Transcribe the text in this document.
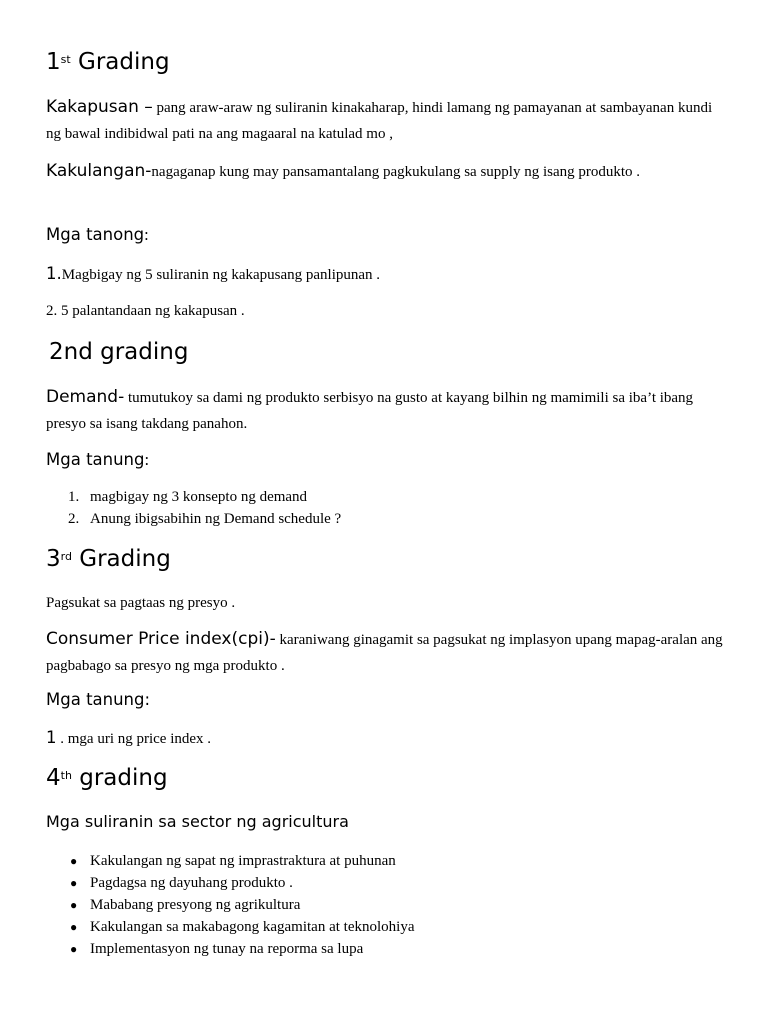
1st Grading
Kakapusan – pang araw-araw ng suliranin kinakaharap, hindi lamang ng pamayanan at sambayanan kundi ng bawal indibidwal pati na ang magaaral na katulad mo ,
Kakulangan-nagaganap kung may pansamantalang pagkukulang sa supply ng isang produkto .
Mga tanong:
1.Magbigay ng 5 suliranin ng kakapusang panlipunan .
2. 5 palantandaan ng kakapusan .
2nd grading
Demand- tumutukoy sa dami ng produkto serbisyo na gusto at kayang bilhin ng mamimili sa iba’t ibang presyo sa isang takdang panahon.
Mga tanung:
1. magbigay ng 3 konsepto ng demand
2. Anung ibigsabihin ng Demand schedule ?
3rd Grading
Pagsukat sa pagtaas ng presyo .
Consumer Price index(cpi)- karaniwang ginagamit sa pagsukat ng implasyon upang mapag-aralan ang pagbabago sa presyo ng mga produkto .
Mga tanung:
1 . mga uri ng price index .
4th grading
Mga suliranin sa sector ng agricultura
● Kakulangan ng sapat ng imprastraktura at puhunan
● Pagdagsa ng dayuhang produkto .
● Mababang presyong ng agrikultura
● Kakulangan sa makabagong kagamitan at teknolohiya
● Implementasyon ng tunay na reporma sa lupa
